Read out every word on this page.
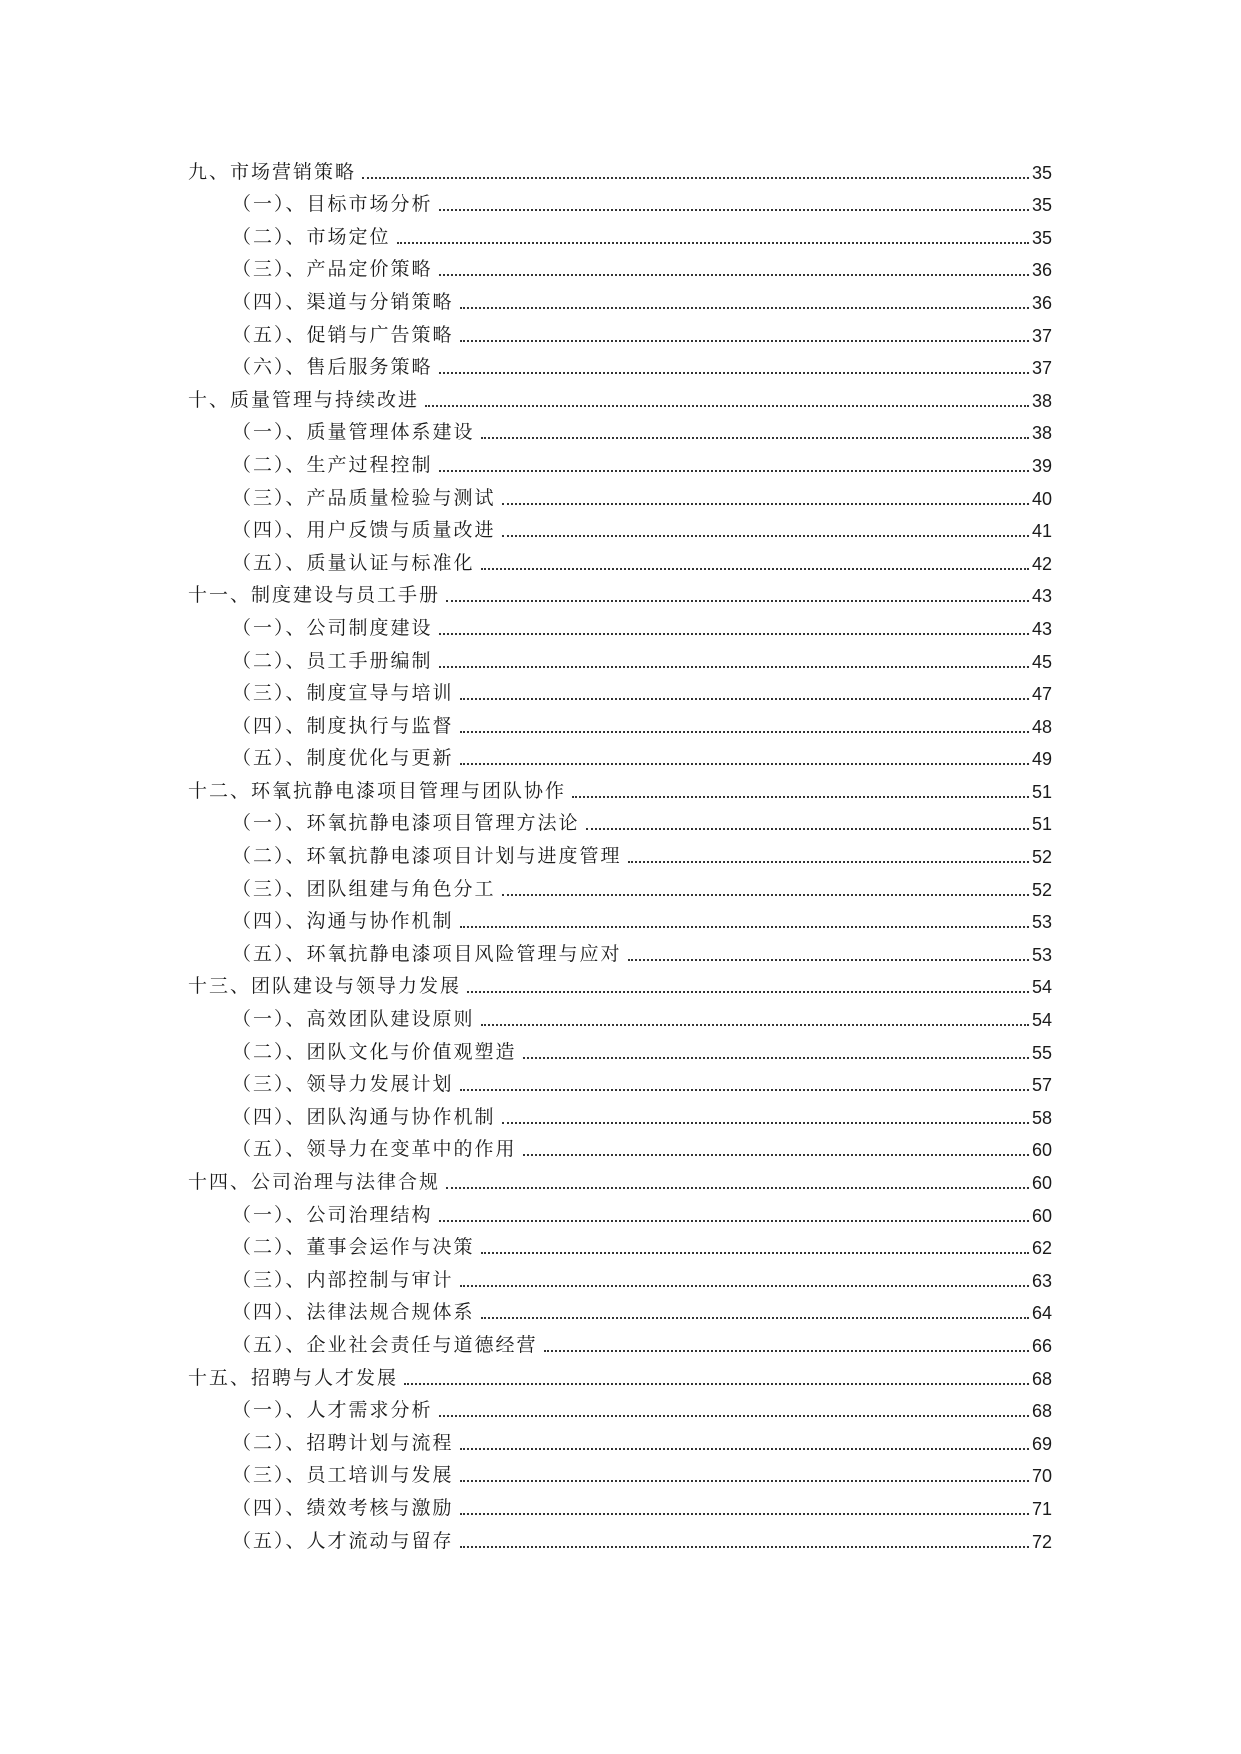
九、市场营销策略	35
（一）、目标市场分析	35
（二）、市场定位	35
（三）、产品定价策略	36
（四）、渠道与分销策略	36
（五）、促销与广告策略	37
（六）、售后服务策略	37
十、质量管理与持续改进	38
（一）、质量管理体系建设	38
（二）、生产过程控制	39
（三）、产品质量检验与测试	40
（四）、用户反馈与质量改进	41
（五）、质量认证与标准化	42
十一、制度建设与员工手册	43
（一）、公司制度建设	43
（二）、员工手册编制	45
（三）、制度宣导与培训	47
（四）、制度执行与监督	48
（五）、制度优化与更新	49
十二、环氧抗静电漆项目管理与团队协作	51
（一）、环氧抗静电漆项目管理方法论	51
（二）、环氧抗静电漆项目计划与进度管理	52
（三）、团队组建与角色分工	52
（四）、沟通与协作机制	53
（五）、环氧抗静电漆项目风险管理与应对	53
十三、团队建设与领导力发展	54
（一）、高效团队建设原则	54
（二）、团队文化与价值观塑造	55
（三）、领导力发展计划	57
（四）、团队沟通与协作机制	58
（五）、领导力在变革中的作用	60
十四、公司治理与法律合规	60
（一）、公司治理结构	60
（二）、董事会运作与决策	62
（三）、内部控制与审计	63
（四）、法律法规合规体系	64
（五）、企业社会责任与道德经营	66
十五、招聘与人才发展	68
（一）、人才需求分析	68
（二）、招聘计划与流程	69
（三）、员工培训与发展	70
（四）、绩效考核与激励	71
（五）、人才流动与留存	72
